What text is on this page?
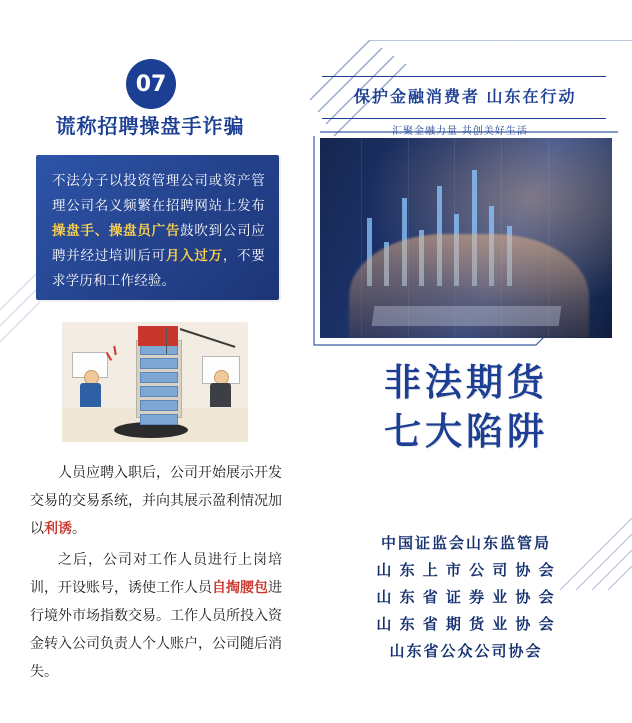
07
谎称招聘操盘手诈骗
不法分子以投资管理公司或资产管理公司名义频繁在招聘网站上发布操盘手、操盘员广告鼓吹到公司应聘并经过培训后可月入过万，不要求学历和工作经验。
人员应聘入职后，公司开始展示开发交易的交易系统，并向其展示盈利情况加以利诱。
之后，公司对工作人员进行上岗培训，开设账号，诱使工作人员自掏腰包进行境外市场指数交易。工作人员所投入资金转入公司负责人个人账户，公司随后消失。
保护金融消费者 山东在行动
汇聚金融力量 共创美好生活
非法期货
七大陷阱
中国证监会山东监管局
山 东 上 市 公 司 协 会
山 东 省 证 券 业 协 会
山 东 省 期 货 业 协 会
山东省公众公司协会
